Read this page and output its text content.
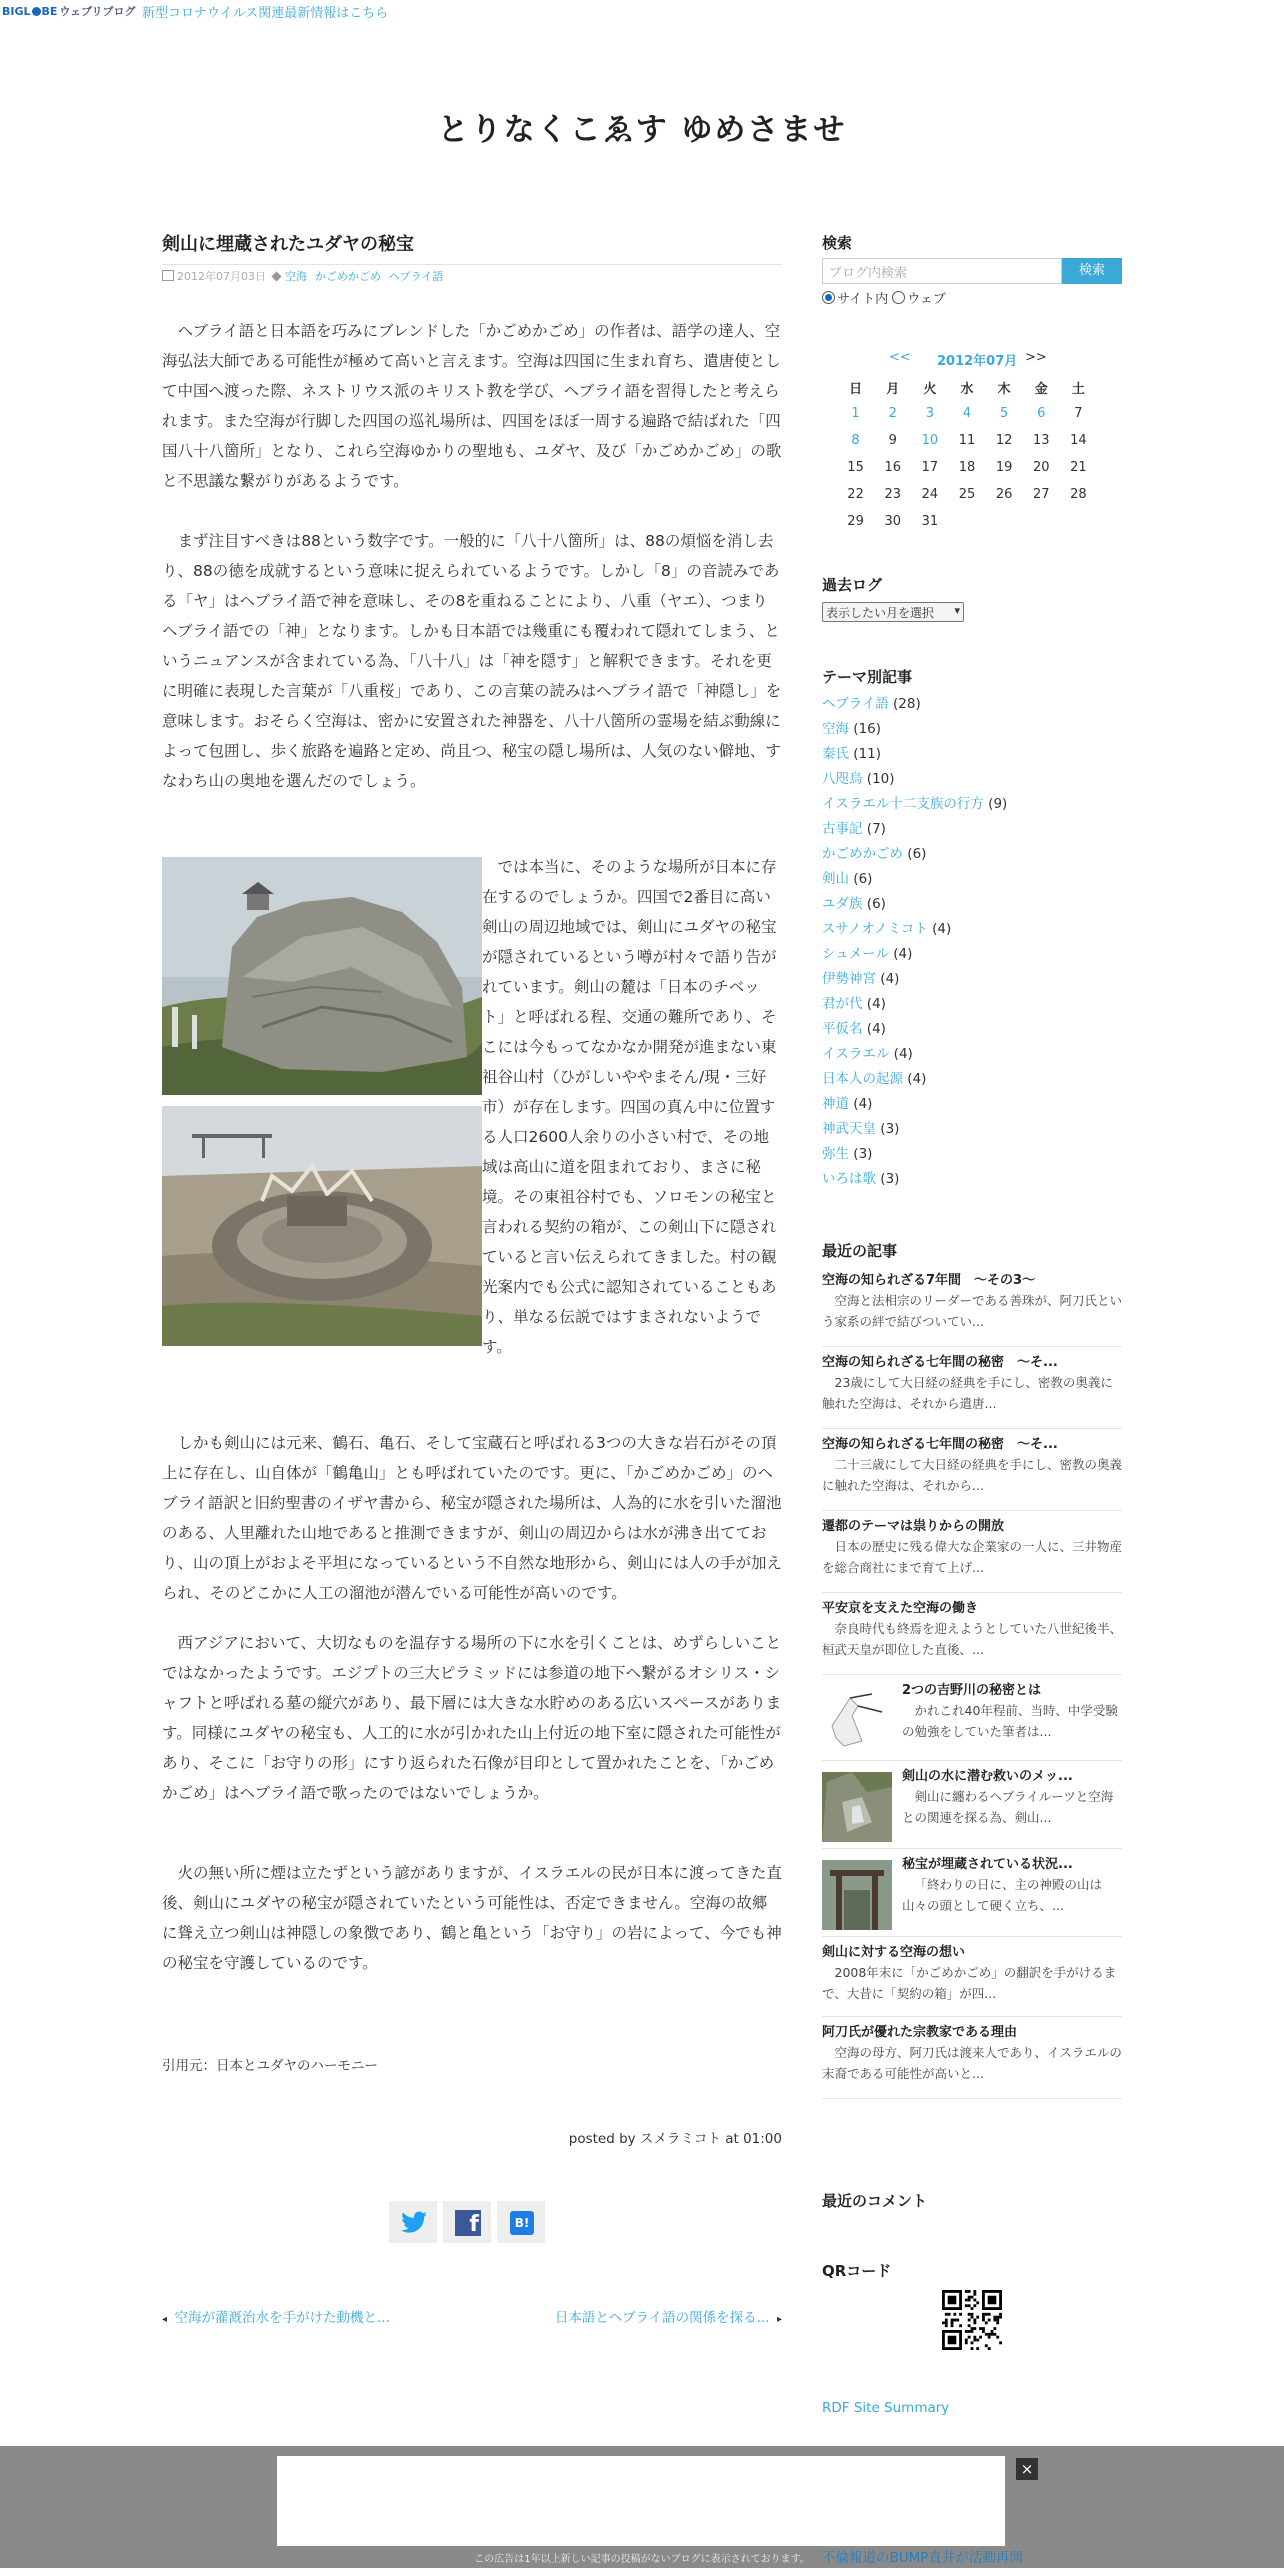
BIGL BE ウェブリブログ 新型コロナウイルス関連最新情報はこちら
とりなくこゑす ゆめさませ
剣山に埋蔵されたユダヤの秘宝
2012年07月03日 空海 かごめかごめ ヘブライ語

ヘブライ語と日本語を巧みにブレンドした「かごめかごめ」の作者は、語学の達人、空海弘法大師である可能性が極めて高いと言えます。空海は四国に生まれ育ち、遣唐使として中国へ渡った際、ネストリウス派のキリスト教を学び、ヘブライ語を習得したと考えられます。また空海が行脚した四国の巡礼場所は、四国をほぼ一周する遍路で結ばれた「四国八十八箇所」となり、これら空海ゆかりの聖地も、ユダヤ、及び「かごめかごめ」の歌と不思議な繋がりがあるようです。

まず注目すべきは88という数字です。一般的に「八十八箇所」は、88の煩悩を消し去り、88の徳を成就するという意味に捉えられているようです。しかし「8」の音読みである「ヤ」はヘブライ語で神を意味し、その8を重ねることにより、八重（ヤエ）、つまりヘブライ語での「神」となります。しかも日本語では幾重にも覆われて隠れてしまう、というニュアンスが含まれている為、「八十八」は「神を隠す」と解釈できます。それを更に明確に表現した言葉が「八重桜」であり、この言葉の読みはヘブライ語で「神隠し」を意味します。おそらく空海は、密かに安置された神器を、八十八箇所の霊場を結ぶ動線によって包囲し、歩く旅路を遍路と定め、尚且つ、秘宝の隠し場所は、人気のない僻地、すなわち山の奥地を選んだのでしょう。

では本当に、そのような場所が日本に存在するのでしょうか。四国で2番目に高い剣山の周辺地域では、剣山にユダヤの秘宝が隠されているという噂が村々で語り告がれています。剣山の麓は「日本のチベット」と呼ばれる程、交通の難所であり、そこには今もってなかなか開発が進まない東祖谷山村（ひがしいややまそん/現・三好市）が存在します。四国の真ん中に位置する人口2600人余りの小さい村で、その地域は高山に道を阻まれており、まさに秘境。その東祖谷村でも、ソロモンの秘宝と言われる契約の箱が、この剣山下に隠されていると言い伝えられてきました。村の観光案内でも公式に認知されていることもあり、単なる伝説ではすまされないようです。

しかも剣山には元来、鶴石、亀石、そして宝蔵石と呼ばれる3つの大きな岩石がその頂上に存在し、山自体が「鶴亀山」とも呼ばれていたのです。更に、「かごめかごめ」のヘブライ語訳と旧約聖書のイザヤ書から、秘宝が隠された場所は、人為的に水を引いた溜池のある、人里離れた山地であると推測できますが、剣山の周辺からは水が沸き出てており、山の頂上がおよそ平坦になっているという不自然な地形から、剣山には人の手が加えられ、そのどこかに人工の溜池が潜んでいる可能性が高いのです。

西アジアにおいて、大切なものを温存する場所の下に水を引くことは、めずらしいことではなかったようです。エジプトの三大ピラミッドには参道の地下へ繋がるオシリス・シャフトと呼ばれる墓の縦穴があり、最下層には大きな水貯めのある広いスペースがあります。同様にユダヤの秘宝も、人工的に水が引かれた山上付近の地下室に隠された可能性があり、そこに「お守りの形」にすり返られた石像が目印として置かれたことを、「かごめかごめ」はヘブライ語で歌ったのではないでしょうか。

火の無い所に煙は立たずという諺がありますが、イスラエルの民が日本に渡ってきた直後、剣山にユダヤの秘宝が隠されていたという可能性は、否定できません。空海の故郷に聳え立つ剣山は神隠しの象徴であり、鶴と亀という「お守り」の岩によって、今でも神の秘宝を守護しているのです。

引用元：日本とユダヤのハーモニー
posted by スメラミコト at 01:00
f	B!
◂  空海が灌漑治水を手がけた動機と...	日本語とヘブライ語の関係を探る...  ▸
検索
ブログ内検索	検索
サイト内 ウェブ
<< 2012年07月 >>
日	月	火	水	木	金	土
1	2	3	4	5	6	7
8	9	10	11	12	13	14
15	16	17	18	19	20	21
22	23	24	25	26	27	28
29	30	31				
過去ログ
表示したい月を選択 ▾
テーマ別記事
ヘブライ語 (28)
空海 (16)
秦氏 (11)
八咫烏 (10)
イスラエル十二支族の行方 (9)
古事記 (7)
かごめかごめ (6)
剣山 (6)
ユダ族 (6)
スサノオノミコト (4)
シュメール (4)
伊勢神宮 (4)
君が代 (4)
平仮名 (4)
イスラエル (4)
日本人の起源 (4)
神道 (4)
神武天皇 (3)
弥生 (3)
いろは歌 (3)
最近の記事
空海の知られざる7年間　～その3～
空海と法相宗のリーダーである善珠が、阿刀氏という家系の絆で結びついてい...
空海の知られざる七年間の秘密　～そ...
23歳にして大日経の経典を手にし、密教の奥義に触れた空海は、それから遣唐...
空海の知られざる七年間の秘密　～そ...
二十三歳にして大日経の経典を手にし、密教の奥義に触れた空海は、それから...
遷都のテーマは祟りからの開放
日本の歴史に残る偉大な企業家の一人に、三井物産を総合商社にまで育て上げ...
平安京を支えた空海の働き
奈良時代も終焉を迎えようとしていた八世紀後半、桓武天皇が即位した直後、...
2つの吉野川の秘密とは
かれこれ40年程前、当時、中学受験の勉強をしていた筆者は...
剣山の水に潜む救いのメッ...
剣山に纏わるヘブライルーツと空海との関連を探る為、剣山...
秘宝が埋蔵されている状況...
「終わりの日に、主の神殿の山は山々の頭として硬く立ち、...
剣山に対する空海の想い
2008年末に「かごめかごめ」の翻訳を手がけるまで、大昔に「契約の箱」が四...
阿刀氏が優れた宗教家である理由
空海の母方、阿刀氏は渡来人であり、イスラエルの末裔である可能性が高いと...
最近のコメント
QRコード
RDF Site Summary
×
この広告は1年以上新しい記事の投稿がないブログに表示されております。 不倫報道のBUMP直井が活動再開
